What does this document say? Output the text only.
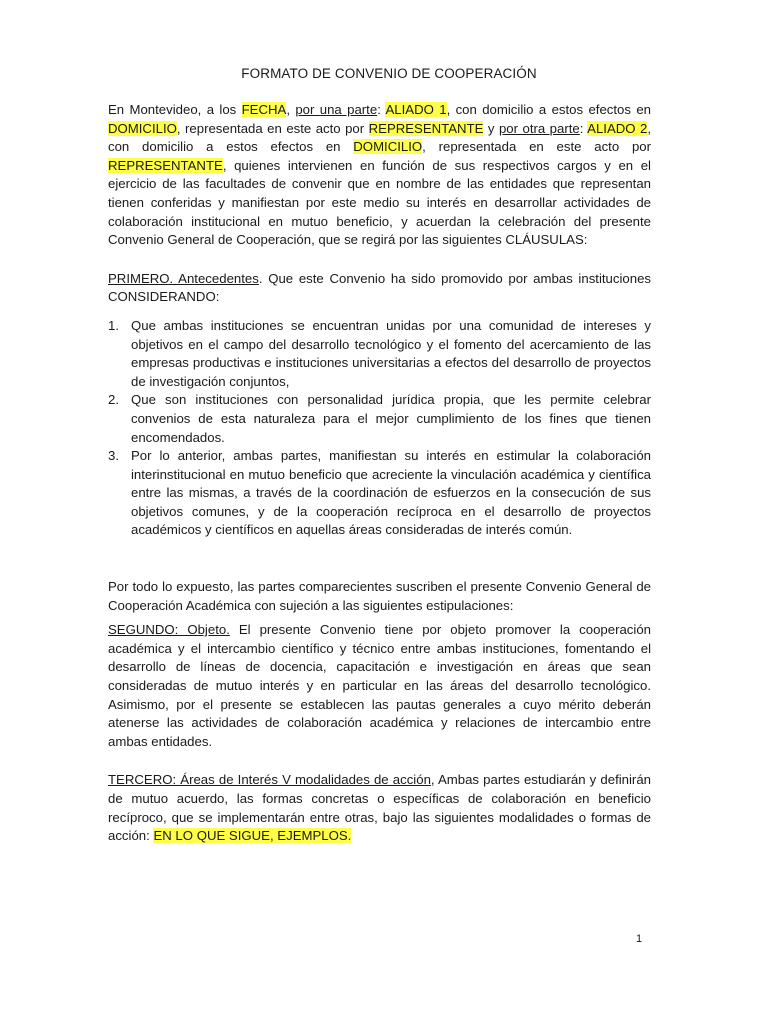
FORMATO DE CONVENIO DE COOPERACIÓN

En Montevideo, a los FECHA, por una parte: ALIADO 1, con domicilio a estos efectos en DOMICILIO, representada en este acto por REPRESENTANTE y por otra parte: ALIADO 2, con domicilio a estos efectos en DOMICILIO, representada en este acto por REPRESENTANTE, quienes intervienen en función de sus respectivos cargos y en el ejercicio de las facultades de convenir que en nombre de las entidades que representan tienen conferidas y manifiestan por este medio su interés en desarrollar actividades de colaboración institucional en mutuo beneficio, y acuerdan la celebración del presente Convenio General de Cooperación, que se regirá por las siguientes CLÁUSULAS:

PRIMERO. Antecedentes. Que este Convenio ha sido promovido por ambas instituciones CONSIDERANDO:

1. Que ambas instituciones se encuentran unidas por una comunidad de intereses y objetivos en el campo del desarrollo tecnológico y el fomento del acercamiento de las empresas productivas e instituciones universitarias a efectos del desarrollo de proyectos de investigación conjuntos,
2. Que son instituciones con personalidad jurídica propia, que les permite celebrar convenios de esta naturaleza para el mejor cumplimiento de los fines que tienen encomendados.
3. Por lo anterior, ambas partes, manifiestan su interés en estimular la colaboración interinstitucional en mutuo beneficio que acreciente la vinculación académica y científica entre las mismas, a través de la coordinación de esfuerzos en la consecución de sus objetivos comunes, y de la cooperación recíproca en el desarrollo de proyectos académicos y científicos en aquellas áreas consideradas de interés común.

Por todo lo expuesto, las partes comparecientes suscriben el presente Convenio General de Cooperación Académica con sujeción a las siguientes estipulaciones:

SEGUNDO: Objeto. El presente Convenio tiene por objeto promover la cooperación académica y el intercambio científico y técnico entre ambas instituciones, fomentando el desarrollo de líneas de docencia, capacitación e investigación en áreas que sean consideradas de mutuo interés y en particular en las áreas del desarrollo tecnológico. Asimismo, por el presente se establecen las pautas generales a cuyo mérito deberán atenerse las actividades de colaboración académica y relaciones de intercambio entre ambas entidades.

TERCERO: Áreas de Interés V modalidades de acción, Ambas partes estudiarán y definirán de mutuo acuerdo, las formas concretas o específicas de colaboración en beneficio recíproco, que se implementarán entre otras, bajo las siguientes modalidades o formas de acción: EN LO QUE SIGUE, EJEMPLOS.

1
